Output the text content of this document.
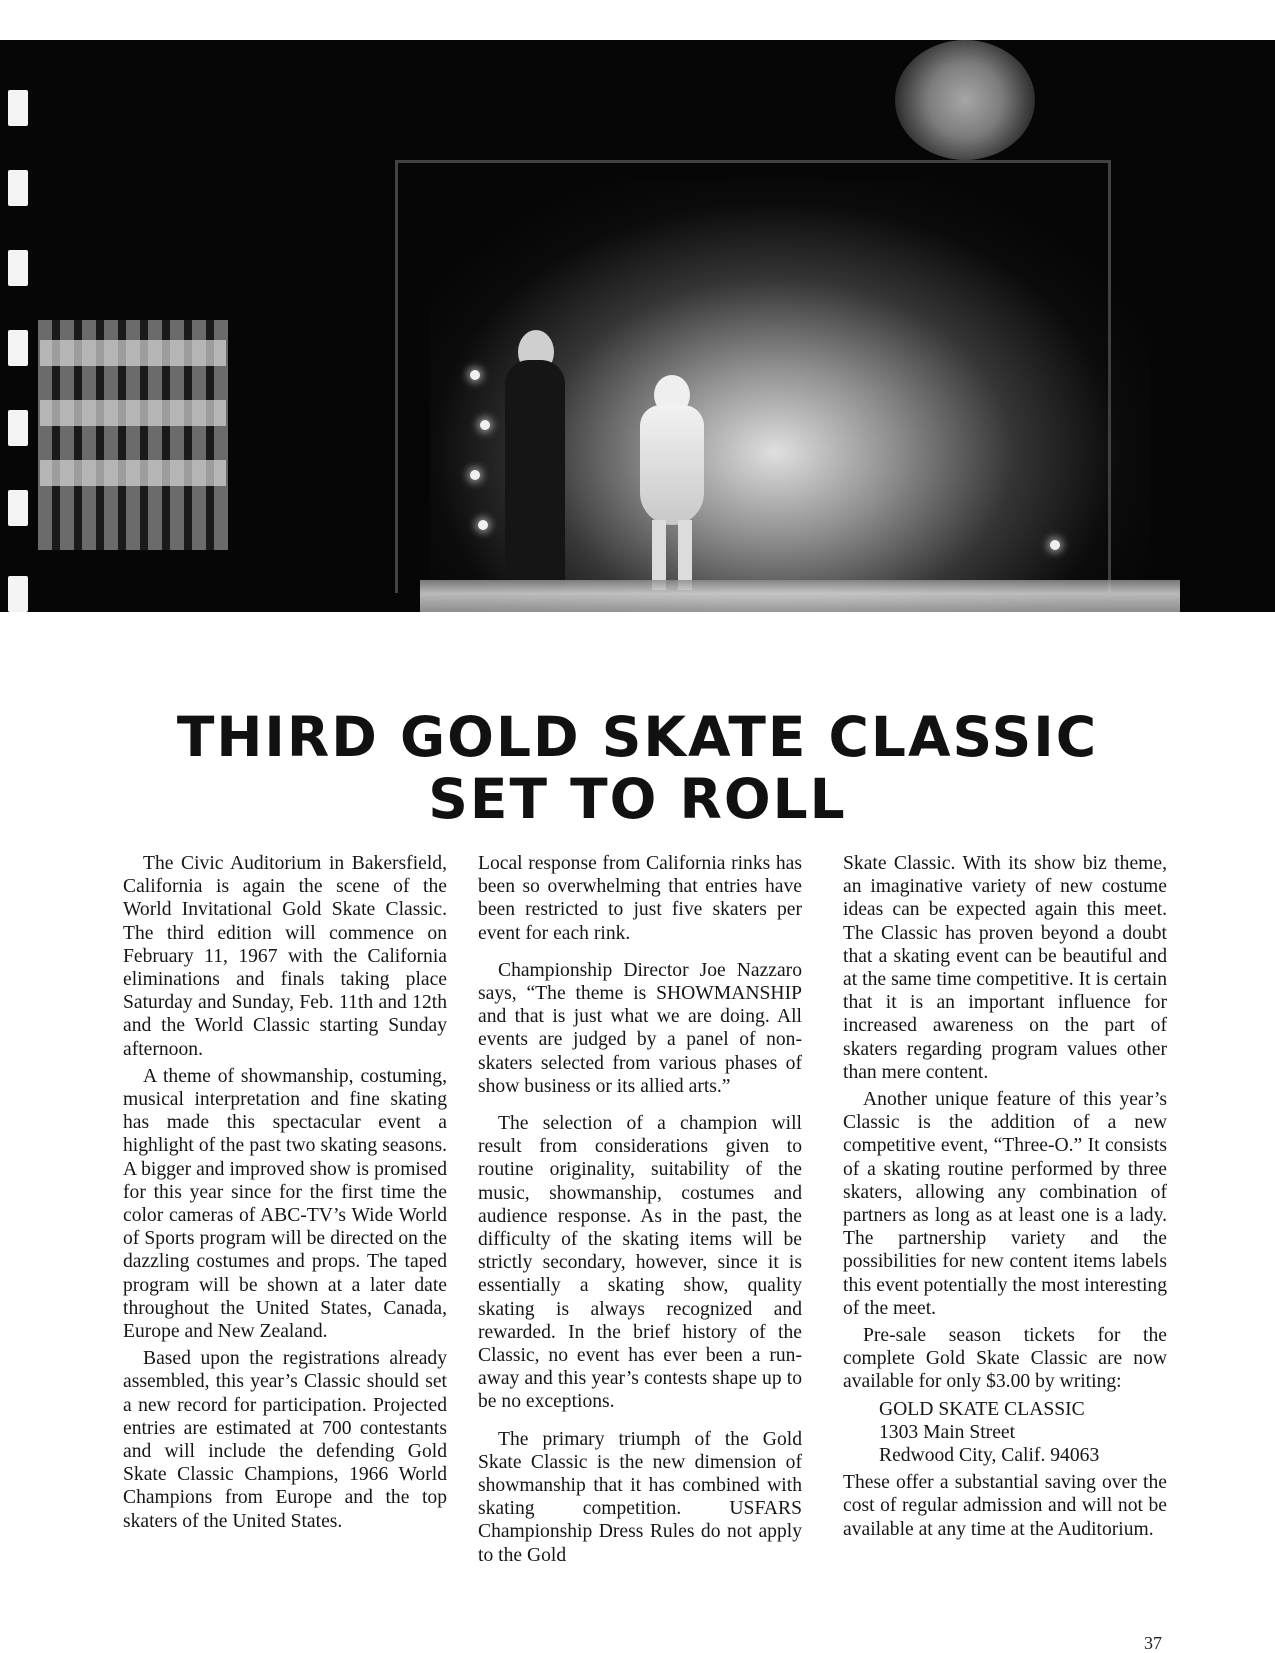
THIRD GOLD SKATE CLASSIC
SET TO ROLL

The Civic Auditorium in Bakersfield, California is again the scene of the World Invitational Gold Skate Classic. The third edition will commence on February 11, 1967 with the California eliminations and finals taking place Saturday and Sunday, Feb. 11th and 12th and the World Classic starting Sunday afternoon.

A theme of showmanship, costuming, musical interpretation and fine skating has made this spectacular event a highlight of the past two skating seasons. A bigger and improved show is promised for this year since for the first time the color cameras of ABC-TV’s Wide World of Sports program will be directed on the dazzling costumes and props. The taped program will be shown at a later date throughout the United States, Canada, Europe and New Zealand.

Based upon the registrations already assembled, this year’s Classic should set a new record for participation. Projected entries are estimated at 700 contestants and will include the defending Gold Skate Classic Champions, 1966 World Champions from Europe and the top skaters of the United States.

Local response from California rinks has been so overwhelming that entries have been restricted to just five skaters per event for each rink.

Championship Director Joe Nazzaro says, “The theme is SHOWMANSHIP and that is just what we are doing. All events are judged by a panel of non-skaters selected from various phases of show business or its allied arts.”

The selection of a champion will result from considerations given to routine originality, suitability of the music, showmanship, costumes and audience response. As in the past, the difficulty of the skating items will be strictly secondary, however, since it is essentially a skating show, quality skating is always recognized and rewarded. In the brief history of the Classic, no event has ever been a run-away and this year’s contests shape up to be no exceptions.

The primary triumph of the Gold Skate Classic is the new dimension of showmanship that it has combined with skating competition. USFARS Championship Dress Rules do not apply to the Gold

Skate Classic. With its show biz theme, an imaginative variety of new costume ideas can be expected again this meet. The Classic has proven beyond a doubt that a skating event can be beautiful and at the same time competitive. It is certain that it is an important influence for increased awareness on the part of skaters regarding program values other than mere content.

Another unique feature of this year’s Classic is the addition of a new competitive event, “Three-O.” It consists of a skating routine performed by three skaters, allowing any combination of partners as long as at least one is a lady. The partnership variety and the possibilities for new content items labels this event potentially the most interesting of the meet.

Pre-sale season tickets for the complete Gold Skate Classic are now available for only $3.00 by writing:

GOLD SKATE CLASSIC
1303 Main Street
Redwood City, Calif. 94063

These offer a substantial saving over the cost of regular admission and will not be available at any time at the Auditorium.

37
